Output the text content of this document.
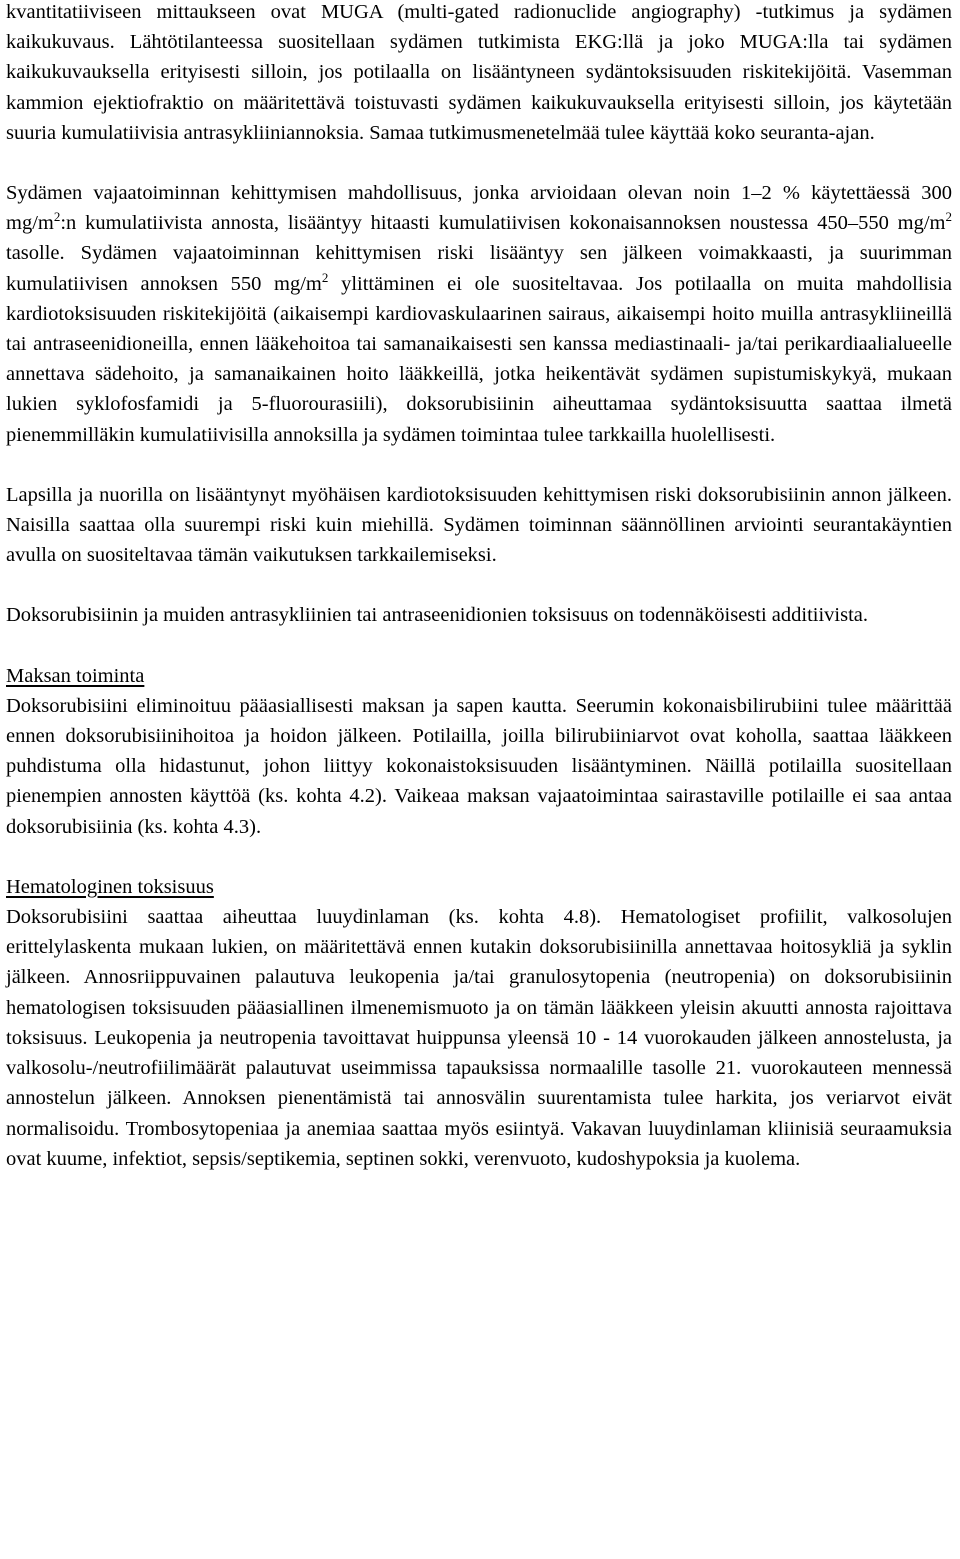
kvantitatiiviseen mittaukseen ovat MUGA (multi-gated radionuclide angiography) -tutkimus ja sydämen kaikukuvaus. Lähtötilanteessa suositellaan sydämen tutkimista EKG:llä ja joko MUGA:lla tai sydämen kaikukuvauksella erityisesti silloin, jos potilaalla on lisääntyneen sydäntoksisuuden riskitekijöitä. Vasemman kammion ejektiofraktio on määritettävä toistuvasti sydämen kaikukuvauksella erityisesti silloin, jos käytetään suuria kumulatiivisia antrasykliiniannoksia. Samaa tutkimusmenetelmää tulee käyttää koko seuranta-ajan.

Sydämen vajaatoiminnan kehittymisen mahdollisuus, jonka arvioidaan olevan noin 1–2 % käytettäessä 300 $mg/m^2:n$ kumulatiivista annosta, lisääntyy hitaasti kumulatiivisen kokonaisannoksen noustessa 450–550 $mg/m^2$ tasolle. Sydämen vajaatoiminnan kehittymisen riski lisääntyy sen jälkeen voimakkaasti, ja suurimman kumulatiivisen annoksen 550 $mg/m^2$ ylittäminen ei ole suositeltavaa. Jos potilaalla on muita mahdollisia kardiotoksisuuden riskitekijöitä (aikaisempi kardiovaskulaarinen sairaus, aikaisempi hoito muilla antrasykliineillä tai antraseenidioneilla, ennen lääkehoitoa tai samanaikaisesti sen kanssa mediastinaali- ja/tai perikardiaalialueelle annettava sädehoito, ja samanaikainen hoito lääkkeillä, jotka heikentävät sydämen supistumiskykyä, mukaan lukien syklofosfamidi ja 5-fluorourasiili), doksorubisiinin aiheuttamaa sydäntoksisuutta saattaa ilmetä pienemmilläkin kumulatiivisilla annoksilla ja sydämen toimintaa tulee tarkkailla huolellisesti.

Lapsilla ja nuorilla on lisääntynyt myöhäisen kardiotoksisuuden kehittymisen riski doksorubisiinin annon jälkeen. Naisilla saattaa olla suurempi riski kuin miehillä. Sydämen toiminnan säännöllinen arviointi seurantakäyntien avulla on suositeltavaa tämän vaikutuksen tarkkailemiseksi.

Doksorubisiinin ja muiden antrasykliinien tai antraseenidionien toksisuus on todennäköisesti additiivista.

Maksan toiminta

Doksorubisiini eliminoituu pääasiallisesti maksan ja sapen kautta. Seerumin kokonaisbilirubiini tulee määrittää ennen doksorubisiinihoitoa ja hoidon jälkeen. Potilailla, joilla bilirubiiniarvot ovat koholla, saattaa lääkkeen puhdistuma olla hidastunut, johon liittyy kokonaistoksisuuden lisääntyminen. Näillä potilailla suositellaan pienempien annosten käyttöä (ks. kohta 4.2). Vaikeaa maksan vajaatoimintaa sairastaville potilaille ei saa antaa doksorubisiinia (ks. kohta 4.3).

Hematologinen toksisuus

Doksorubisiini saattaa aiheuttaa luuydinlaman (ks. kohta 4.8). Hematologiset profiilit, valkosolujen erittelylaskenta mukaan lukien, on määritettävä ennen kutakin doksorubisiinilla annettavaa hoitosykliä ja syklin jälkeen. Annosriippuvainen palautuva leukopenia ja/tai granulosytopenia (neutropenia) on doksorubisiinin hematologisen toksisuuden pääasiallinen ilmenemismuoto ja on tämän lääkkeen yleisin akuutti annosta rajoittava toksisuus. Leukopenia ja neutropenia tavoittavat huippunsa yleensä 10 - 14 vuorokauden jälkeen annostelusta, ja valkosolu-/neutrofiilimäärät palautuvat useimmissa tapauksissa normaalille tasolle 21. vuorokauteen mennessä annostelun jälkeen. Annoksen pienentämistä tai annosvälin suurentamista tulee harkita, jos veriarvot eivät normalisoidu. Trombosytopeniaa ja anemiaa saattaa myös esiintyä. Vakavan luuydinlaman kliinisiä seuraamuksia ovat kuume, infektiot, sepsis/septikemia, septinen sokki, verenvuoto, kudoshypoksia ja kuolema.
